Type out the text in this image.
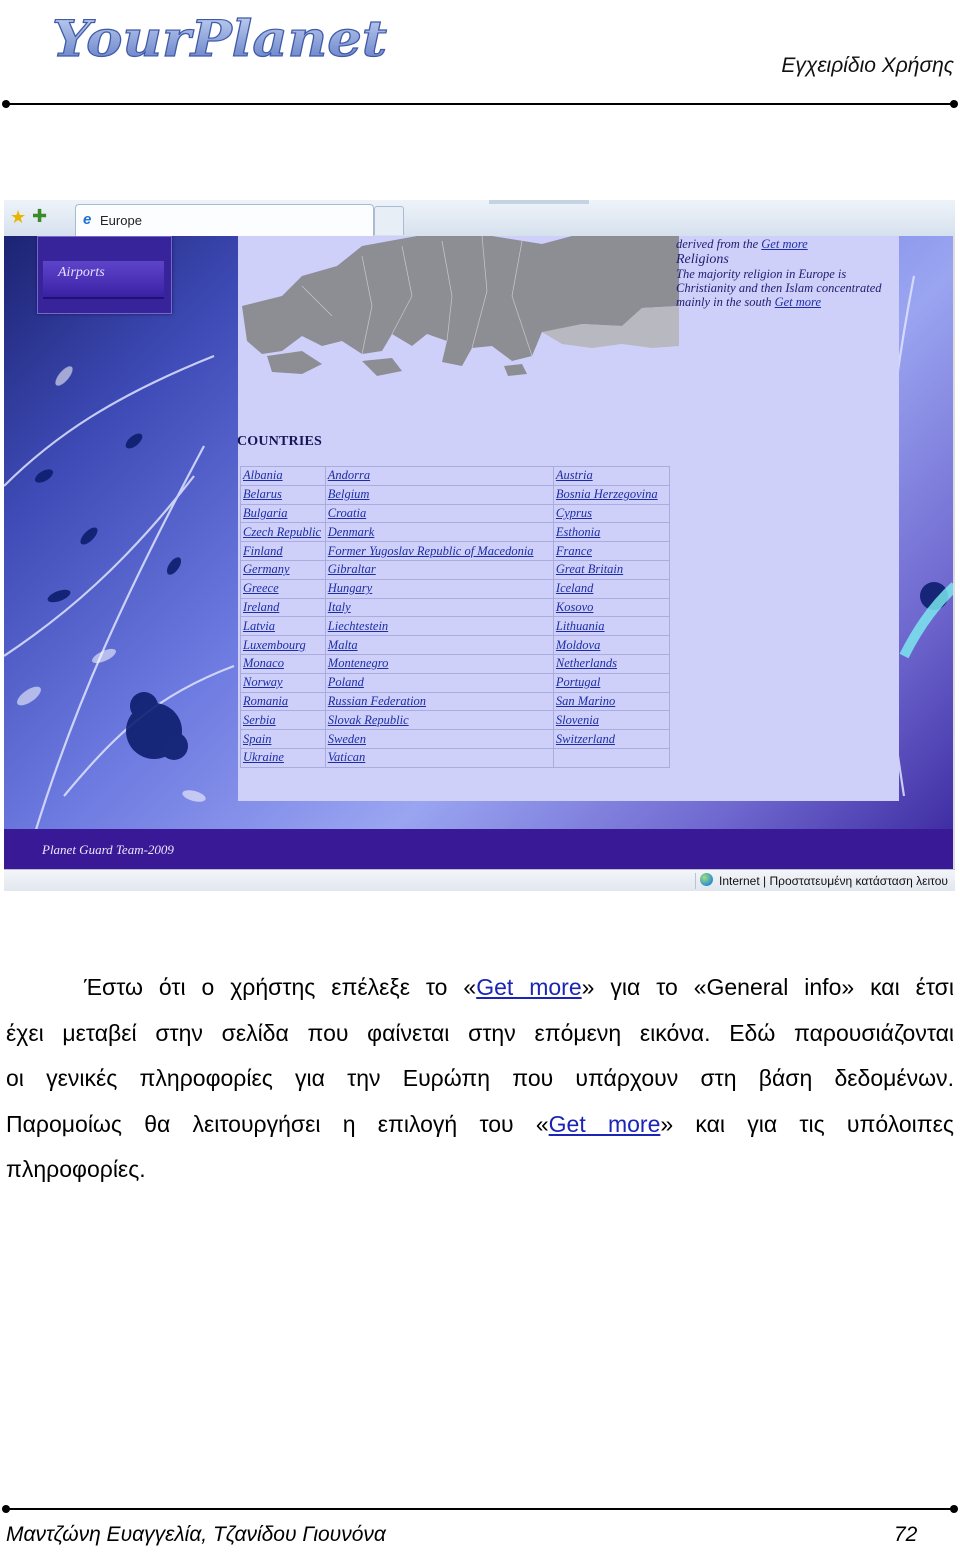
YourPlanet	Εγχειρίδιο Χρήσης
★ ✚ e Europe
Airports
derived from the Get more
Religions
The majority religion in Europe is Christianity and then Islam concentrated mainly in the south Get more
COUNTRIES
Albania	Andorra	Austria
Belarus	Belgium	Bosnia Herzegovina
Bulgaria	Croatia	Cyprus
Czech Republic	Denmark	Esthonia
Finland	Former Yugoslav Republic of Macedonia	France
Germany	Gibraltar	Great Britain
Greece	Hungary	Iceland
Ireland	Italy	Kosovo
Latvia	Liechtestein	Lithuania
Luxembourg	Malta	Moldova
Monaco	Montenegro	Netherlands
Norway	Poland	Portugal
Romania	Russian Federation	San Marino
Serbia	Slovak Republic	Slovenia
Spain	Sweden	Switzerland
Ukraine	Vatican	
Planet Guard Team-2009
Internet | Προστατευμένη κατάσταση λειτου
Έστω ότι ο χρήστης επέλεξε το «Get more» για το «General info» και έτσι
έχει μεταβεί στην σελίδα που φαίνεται στην επόμενη εικόνα. Εδώ παρουσιάζονται
οι γενικές πληροφορίες για την Ευρώπη που υπάρχουν στη βάση δεδομένων.
Παρομοίως θα λειτουργήσει η επιλογή του «Get more» και για τις υπόλοιπες
πληροφορίες.
Μαντζώνη Ευαγγελία, Τζανίδου Γιουνόνα	72
